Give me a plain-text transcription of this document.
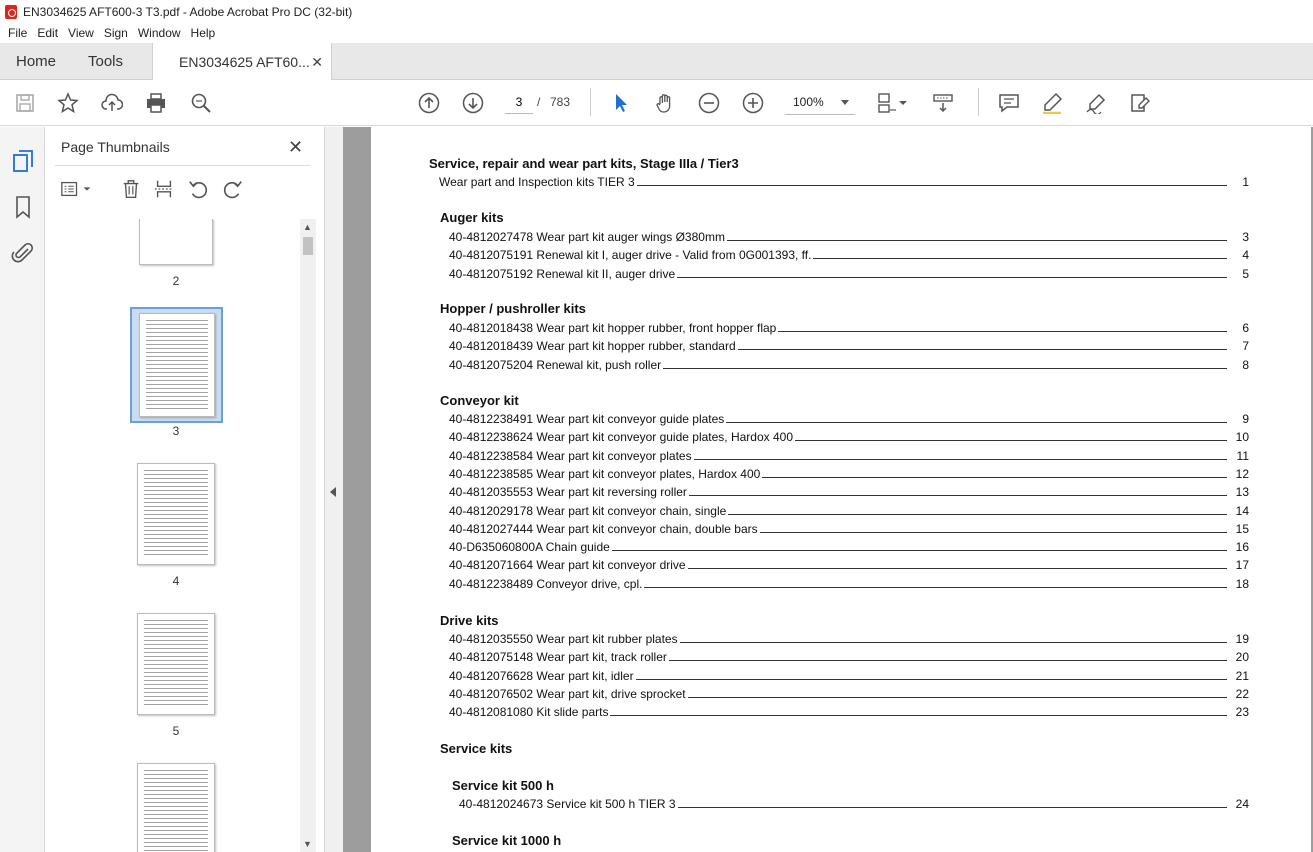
EN3034625 AFT600-3 T3.pdf - Adobe Acrobat Pro DC (32-bit)
File Edit View Sign Window Help
Home Tools	EN3034625 AFT60... ✕
3
/ 783	100%
Page Thumbnails	✕
2
3
4
5
▲
▼
Service, repair and wear part kits, Stage IIIa / Tier3
Wear part and Inspection kits TIER 3	1
Auger kits
40-4812027478 Wear part kit auger wings Ø380mm	3
40-4812075191 Renewal kit I, auger drive - Valid from 0G001393, ff.	4
40-4812075192 Renewal kit II, auger drive	5
Hopper / pushroller kits
40-4812018438 Wear part kit hopper rubber, front hopper flap	6
40-4812018439 Wear part kit hopper rubber, standard	7
40-4812075204 Renewal kit, push roller	8
Conveyor kit
40-4812238491 Wear part kit conveyor guide plates	9
40-4812238624 Wear part kit conveyor guide plates, Hardox 400	10
40-4812238584 Wear part kit conveyor plates	11
40-4812238585 Wear part kit conveyor plates, Hardox 400	12
40-4812035553 Wear part kit reversing roller	13
40-4812029178 Wear part kit conveyor chain, single	14
40-4812027444 Wear part kit conveyor chain, double bars	15
40-D635060800A Chain guide	16
40-4812071664 Wear part kit conveyor drive	17
40-4812238489 Conveyor drive, cpl.	18
Drive kits
40-4812035550 Wear part kit rubber plates	19
40-4812075148 Wear part kit, track roller	20
40-4812076628 Wear part kit, idler	21
40-4812076502 Wear part kit, drive sprocket	22
40-4812081080 Kit slide parts	23
Service kits
Service kit 500 h
40-4812024673 Service kit 500 h TIER 3	24
Service kit 1000 h
